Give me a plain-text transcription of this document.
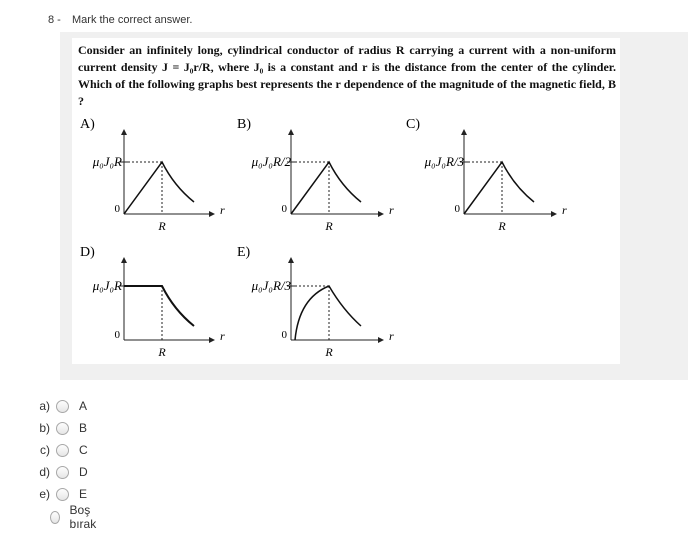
8 - Mark the correct answer.
Consider an infinitely long, cylindrical conductor of radius R carrying a current with a non-uniform current density J = J₀r/R, where J₀ is a constant and r is the distance from the center of the cylinder. Which of the following graphs best represents the r dependence of the magnitude of the magnetic field, B ?
A)
μ₀J₀R
0
R
r
B)
μ₀J₀R/2
0
R
r
C)
μ₀J₀R/3
0
R
r
D)
μ₀J₀R
0
R
r
E)
μ₀J₀R/3
0
R
r
a) A
b) B
c) C
d) D
e) E
Boş bırak
